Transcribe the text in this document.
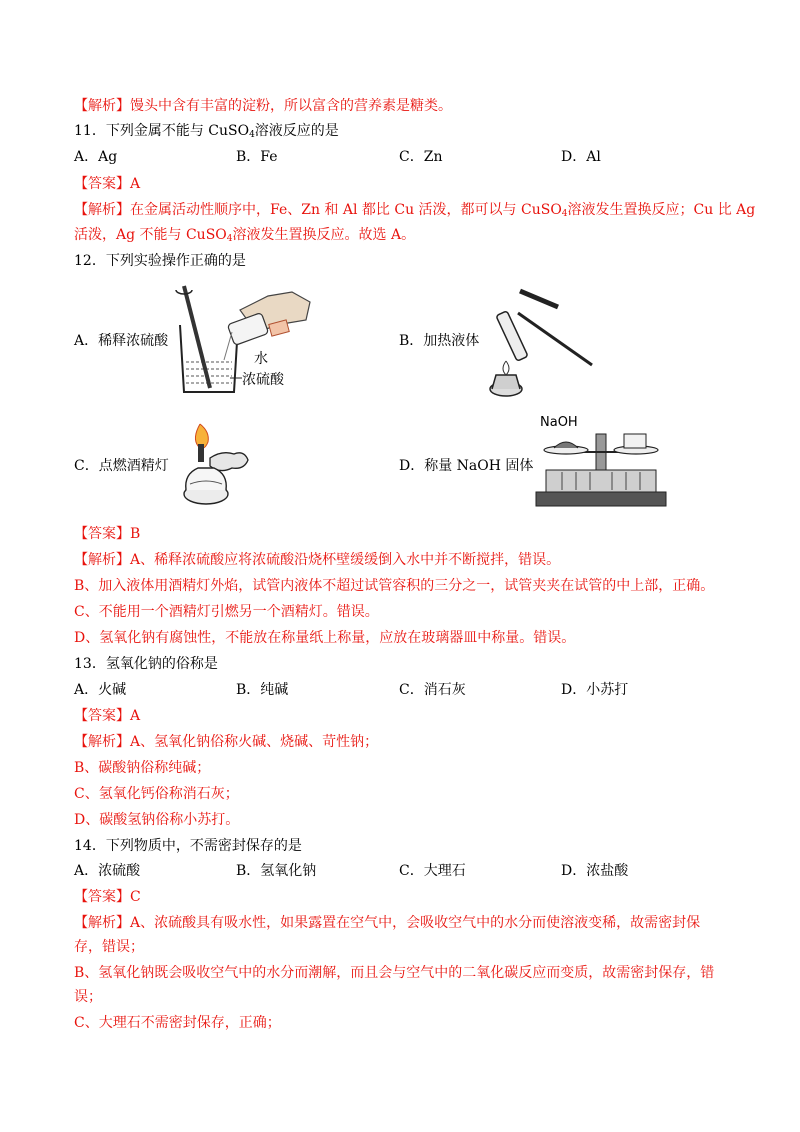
【解析】馒头中含有丰富的淀粉，所以富含的营养素是糖类。
11．下列金属不能与 CuSO$_4$溶液反应的是
A．Ag	B．Fe	C．Zn	D．Al
【答案】A
【解析】在金属活动性顺序中，Fe、Zn 和 Al 都比 Cu 活泼，都可以与 CuSO$_4$溶液发生置换反应；Cu 比 Ag
活泼，Ag 不能与 CuSO$_4$溶液发生置换反应。故选 A。
12．下列实验操作正确的是
水
浓硫酸
A．稀释浓硫酸	B．加热液体
C．点燃酒精灯
NaOH
D．称量 NaOH 固体
【答案】B
【解析】A、稀释浓硫酸应将浓硫酸沿烧杯壁缓缓倒入水中并不断搅拌，错误。
B、加入液体用酒精灯外焰，试管内液体不超过试管容积的三分之一，试管夹夹在试管的中上部，正确。
C、不能用一个酒精灯引燃另一个酒精灯。错误。
D、氢氧化钠有腐蚀性，不能放在称量纸上称量，应放在玻璃器皿中称量。错误。
13．氢氧化钠的俗称是
A．火碱	B．纯碱	C．消石灰	D．小苏打
【答案】A
【解析】A、氢氧化钠俗称火碱、烧碱、苛性钠；
B、碳酸钠俗称纯碱；
C、氢氧化钙俗称消石灰；
D、碳酸氢钠俗称小苏打。
14．下列物质中，不需密封保存的是
A．浓硫酸	B．氢氧化钠	C．大理石	D．浓盐酸
【答案】C
【解析】A、浓硫酸具有吸水性，如果露置在空气中，会吸收空气中的水分而使溶液变稀，故需密封保
存，错误；
B、氢氧化钠既会吸收空气中的水分而潮解，而且会与空气中的二氧化碳反应而变质，故需密封保存，错
误；
C、大理石不需密封保存，正确；
